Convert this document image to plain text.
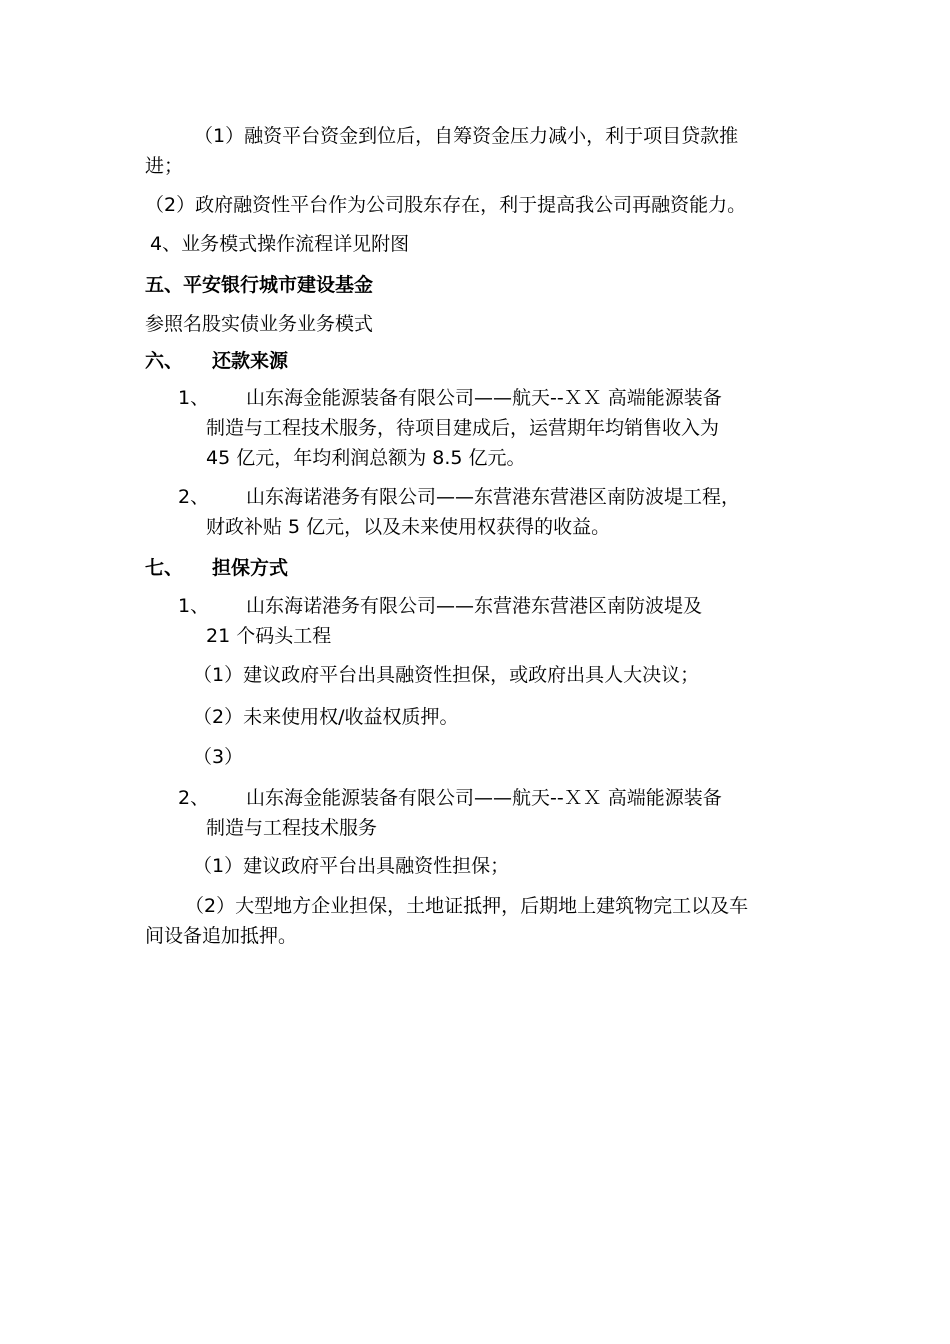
（1）融资平台资金到位后，自筹资金压力减小，利于项目贷款推
进；
（2）政府融资性平台作为公司股东存在，利于提高我公司再融资能力。
4、业务模式操作流程详见附图
五、平安银行城市建设基金
参照名股实债业务业务模式
六、 还款来源
1、 山东海金能源装备有限公司——航天--ＸＸ 高端能源装备
制造与工程技术服务，待项目建成后，运营期年均销售收入为
45 亿元，年均利润总额为 8.5 亿元。
2、 山东海诺港务有限公司——东营港东营港区南防波堤工程，
财政补贴 5 亿元，以及未来使用权获得的收益。
七、 担保方式
1、 山东海诺港务有限公司——东营港东营港区南防波堤及
21 个码头工程
（1）建议政府平台出具融资性担保，或政府出具人大决议；
（2）未来使用权/收益权质押。
（3）
2、 山东海金能源装备有限公司——航天--ＸＸ 高端能源装备
制造与工程技术服务
（1）建议政府平台出具融资性担保；
（2）大型地方企业担保，土地证抵押，后期地上建筑物完工以及车
间设备追加抵押。
